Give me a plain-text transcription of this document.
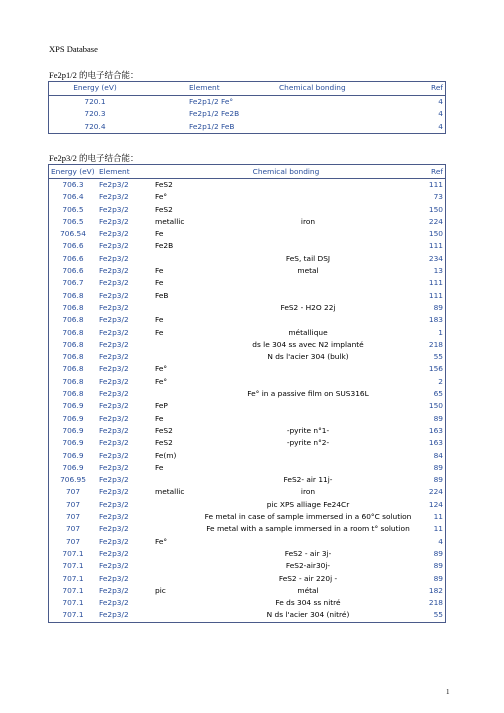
XPS Database
Fe2p1/2 的电子结合能：
Energy (eV)	Element	Chemical bonding	Ref
720.1	Fe2p1/2 Fe°		4
720.3	Fe2p1/2 Fe2B		4
720.4	Fe2p1/2 FeB		4
Fe2p3/2 的电子结合能：
Energy (eV)	Element	Chemical bonding		Ref
706.3	Fe2p3/2	FeS2		111
706.4	Fe2p3/2	Fe°		73
706.5	Fe2p3/2	FeS2		150
706.5	Fe2p3/2	metallic	iron	224
706.54	Fe2p3/2	Fe		150
706.6	Fe2p3/2	Fe2B		111
706.6	Fe2p3/2		FeS, tail DSJ	234
706.6	Fe2p3/2	Fe	metal	13
706.7	Fe2p3/2	Fe		111
706.8	Fe2p3/2	FeB		111
706.8	Fe2p3/2		FeS2 - H2O 22j	89
706.8	Fe2p3/2	Fe		183
706.8	Fe2p3/2	Fe	métallique	1
706.8	Fe2p3/2		ds le 304 ss avec N2 implanté	218
706.8	Fe2p3/2		N ds l'acier 304 (bulk)	55
706.8	Fe2p3/2	Fe°		156
706.8	Fe2p3/2	Fe°		2
706.8	Fe2p3/2		Fe° in a passive film on SUS316L	65
706.9	Fe2p3/2	FeP		150
706.9	Fe2p3/2	Fe		89
706.9	Fe2p3/2	FeS2	-pyrite n°1-	163
706.9	Fe2p3/2	FeS2	-pyrite n°2-	163
706.9	Fe2p3/2	Fe(m)		84
706.9	Fe2p3/2	Fe		89
706.95	Fe2p3/2		FeS2- air 11j-	89
707	Fe2p3/2	metallic	iron	224
707	Fe2p3/2		pic XPS alliage Fe24Cr	124
707	Fe2p3/2		Fe metal in case of sample immersed in a 60°C solution	11
707	Fe2p3/2		Fe metal with a sample immersed in a room t° solution	11
707	Fe2p3/2	Fe°		4
707.1	Fe2p3/2		FeS2 - air 3j-	89
707.1	Fe2p3/2		FeS2-air30j-	89
707.1	Fe2p3/2		FeS2 - air 220j -	89
707.1	Fe2p3/2	pic	métal	182
707.1	Fe2p3/2		Fe ds 304 ss nitré	218
707.1	Fe2p3/2		N ds l'acier 304 (nitré)	55
1
